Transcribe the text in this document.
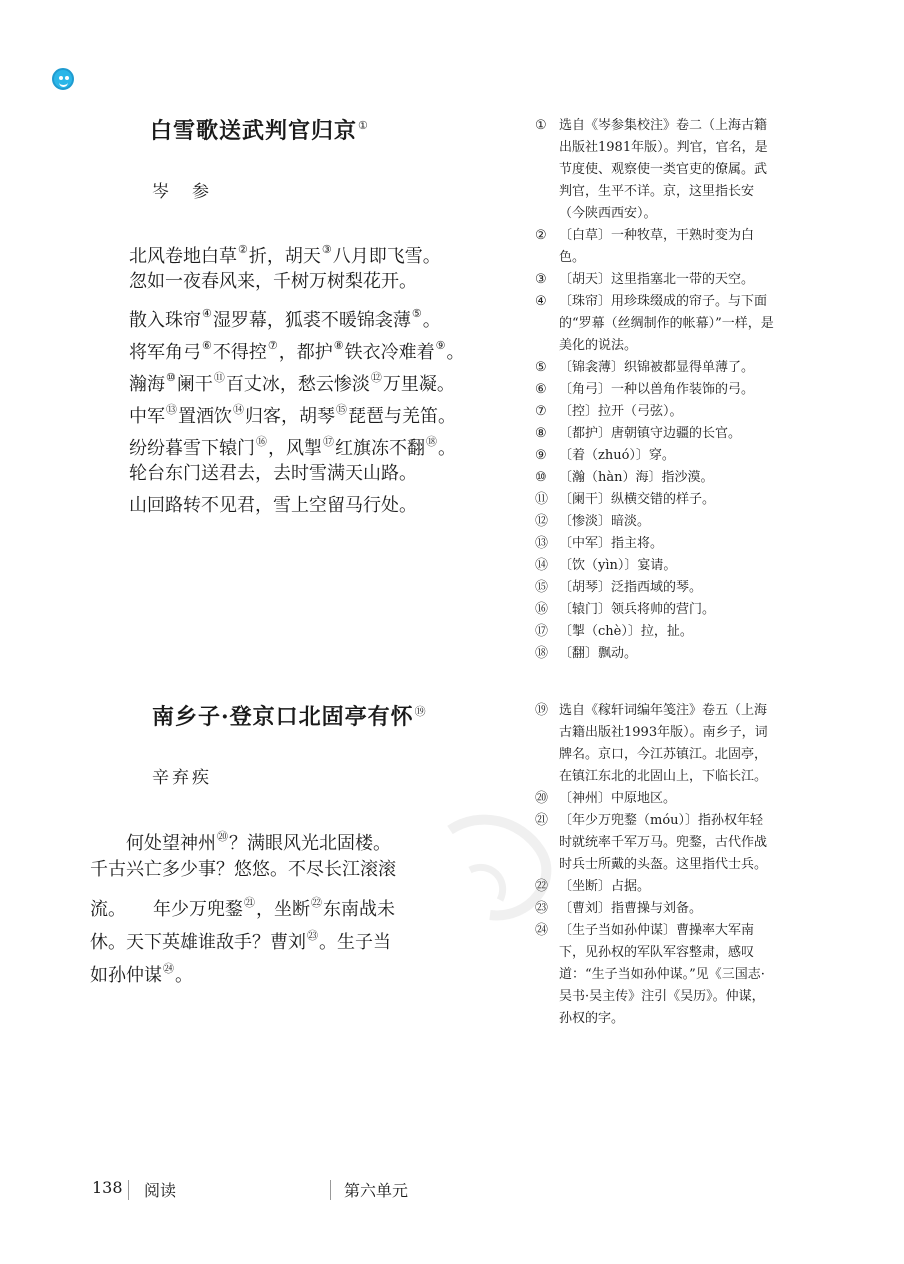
白雪歌送武判官归京①
岑　参
北风卷地白草②折，胡天③八月即飞雪。
忽如一夜春风来，千树万树梨花开。
散入珠帘④湿罗幕，狐裘不暖锦衾薄⑤。
将军角弓⑥不得控⑦，都护⑧铁衣冷难着⑨。
瀚海⑩阑干⑪百丈冰，愁云惨淡⑫万里凝。
中军⑬置酒饮⑭归客，胡琴⑮琵琶与羌笛。
纷纷暮雪下辕门⑯，风掣⑰红旗冻不翻⑱。
轮台东门送君去，去时雪满天山路。
山回路转不见君，雪上空留马行处。
① 选自《岑参集校注》卷二（上海古籍出版社1981年版）。判官，官名，是节度使、观察使一类官吏的僚属。武判官，生平不详。京，这里指长安（今陕西西安）。
② 〔白草〕一种牧草，干熟时变为白色。
③ 〔胡天〕这里指塞北一带的天空。
④ 〔珠帘〕用珍珠缀成的帘子。与下面的“罗幕（丝绸制作的帐幕）”一样，是美化的说法。
⑤ 〔锦衾薄〕织锦被都显得单薄了。
⑥ 〔角弓〕一种以兽角作装饰的弓。
⑦ 〔控〕拉开（弓弦）。
⑧ 〔都护〕唐朝镇守边疆的长官。
⑨ 〔着（zhuó）〕穿。
⑩ 〔瀚（hàn）海〕指沙漠。
⑪ 〔阑干〕纵横交错的样子。
⑫ 〔惨淡〕暗淡。
⑬ 〔中军〕指主将。
⑭ 〔饮（yìn）〕宴请。
⑮ 〔胡琴〕泛指西域的琴。
⑯ 〔辕门〕领兵将帅的营门。
⑰ 〔掣（chè）〕拉，扯。
⑱ 〔翻〕飘动。
南乡子·登京口北固亭有怀⑲
辛弃疾
　　何处望神州⑳？满眼风光北固楼。
千古兴亡多少事？悠悠。不尽长江滚滚
流。　　年少万兜鍪$^㉑$，坐断$^㉒$东南战未
休。天下英雄谁敌手？曹刘$^㉓$。生子当
如孙仲谋$^㉔$。
⑲ 选自《稼轩词编年笺注》卷五（上海古籍出版社1993年版）。南乡子，词牌名。京口，今江苏镇江。北固亭，在镇江东北的北固山上，下临长江。
⑳ 〔神州〕中原地区。
㉑ 〔年少万兜鍪（móu）〕指孙权年轻时就统率千军万马。兜鍪，古代作战时兵士所戴的头盔。这里指代士兵。
㉒ 〔坐断〕占据。
㉓ 〔曹刘〕指曹操与刘备。
㉔ 〔生子当如孙仲谋〕曹操率大军南下，见孙权的军队军容整肃，感叹道：“生子当如孙仲谋。”见《三国志·吴书·吴主传》注引《吴历》。仲谋，孙权的字。
138 阅读	第六单元
